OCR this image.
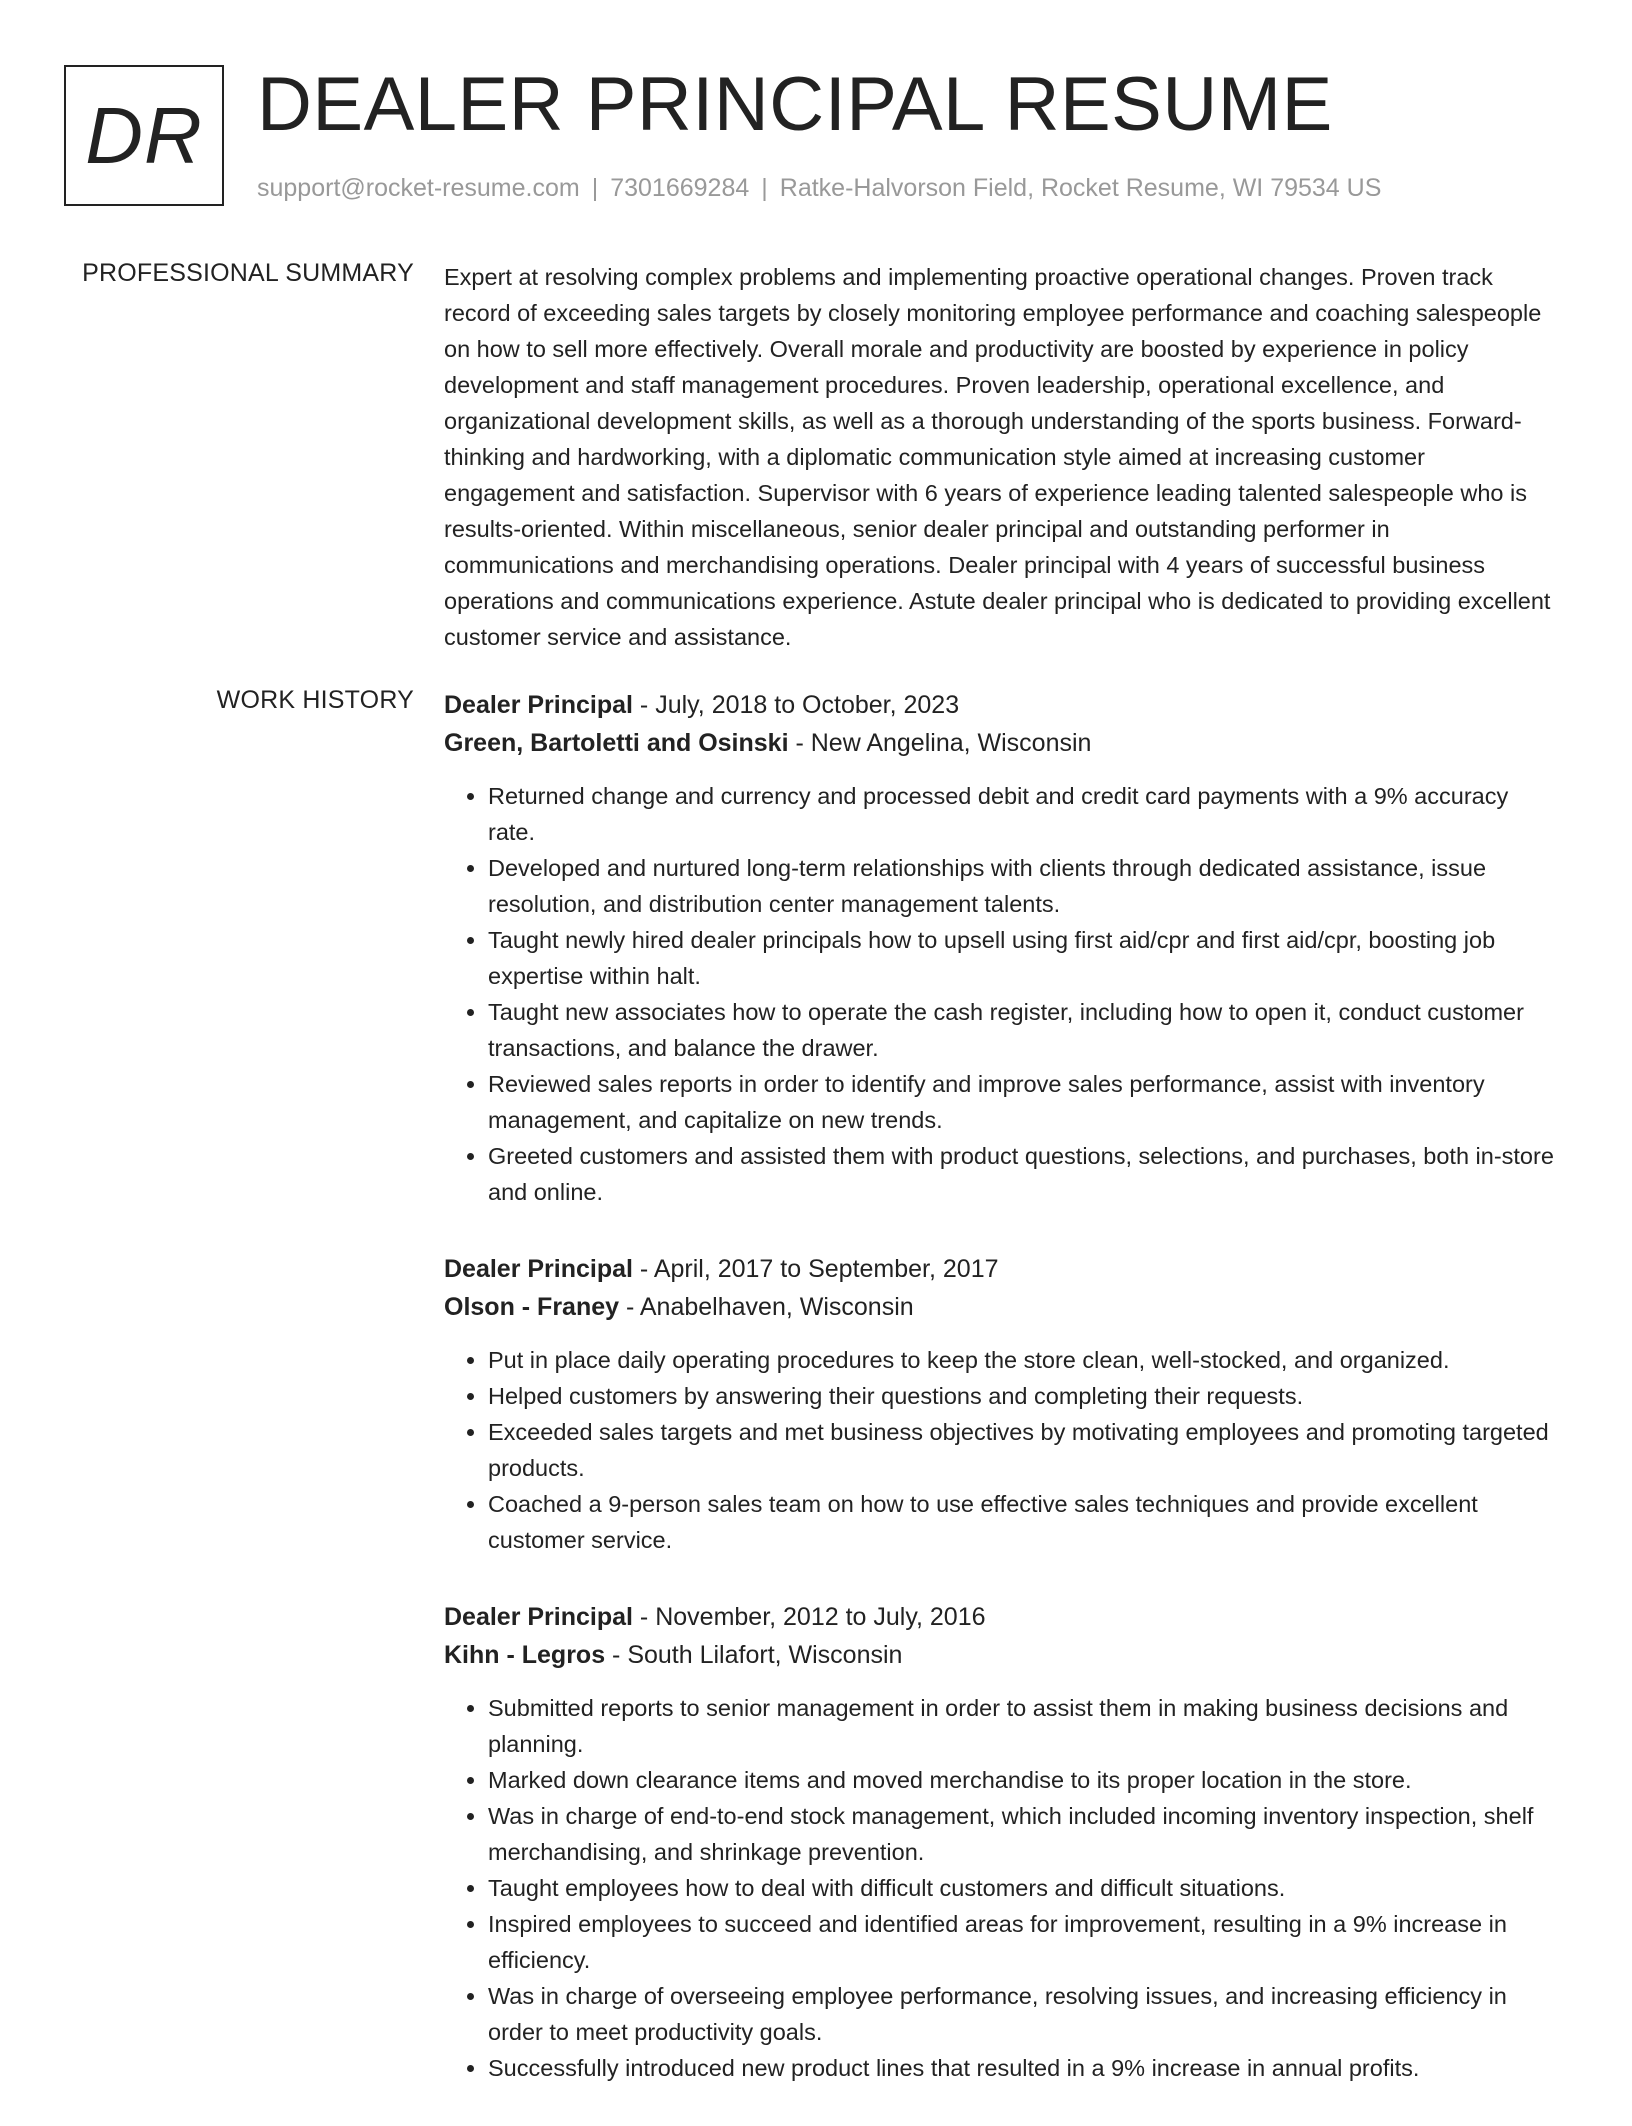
DR DEALER PRINCIPAL RESUME
support@rocket-resume.com | 7301669284 | Ratke-Halvorson Field, Rocket Resume, WI 79534 US
PROFESSIONAL SUMMARY Expert at resolving complex problems and implementing proactive operational changes. Proven track record of exceeding sales targets by closely monitoring employee performance and coaching salespeople on how to sell more effectively. Overall morale and productivity are boosted by experience in policy development and staff management procedures. Proven leadership, operational excellence, and organizational development skills, as well as a thorough understanding of the sports business. Forward-thinking and hardworking, with a diplomatic communication style aimed at increasing customer engagement and satisfaction. Supervisor with 6 years of experience leading talented salespeople who is results-oriented. Within miscellaneous, senior dealer principal and outstanding performer in communications and merchandising operations. Dealer principal with 4 years of successful business operations and communications experience. Astute dealer principal who is dedicated to providing excellent customer service and assistance.

WORK HISTORY Dealer Principal - July, 2018 to October, 2023
Green, Bartoletti and Osinski - New Angelina, Wisconsin
• Returned change and currency and processed debit and credit card payments with a 9% accuracy rate.
• Developed and nurtured long-term relationships with clients through dedicated assistance, issue resolution, and distribution center management talents.
• Taught newly hired dealer principals how to upsell using first aid/cpr and first aid/cpr, boosting job expertise within halt.
• Taught new associates how to operate the cash register, including how to open it, conduct customer transactions, and balance the drawer.
• Reviewed sales reports in order to identify and improve sales performance, assist with inventory management, and capitalize on new trends.
• Greeted customers and assisted them with product questions, selections, and purchases, both in-store and online.
Dealer Principal - April, 2017 to September, 2017
Olson - Franey - Anabelhaven, Wisconsin
• Put in place daily operating procedures to keep the store clean, well-stocked, and organized.
• Helped customers by answering their questions and completing their requests.
• Exceeded sales targets and met business objectives by motivating employees and promoting targeted products.
• Coached a 9-person sales team on how to use effective sales techniques and provide excellent customer service.
Dealer Principal - November, 2012 to July, 2016
Kihn - Legros - South Lilafort, Wisconsin
• Submitted reports to senior management in order to assist them in making business decisions and planning.
• Marked down clearance items and moved merchandise to its proper location in the store.
• Was in charge of end-to-end stock management, which included incoming inventory inspection, shelf merchandising, and shrinkage prevention.
• Taught employees how to deal with difficult customers and difficult situations.
• Inspired employees to succeed and identified areas for improvement, resulting in a 9% increase in efficiency.
• Was in charge of overseeing employee performance, resolving issues, and increasing efficiency in order to meet productivity goals.
• Successfully introduced new product lines that resulted in a 9% increase in annual profits.
